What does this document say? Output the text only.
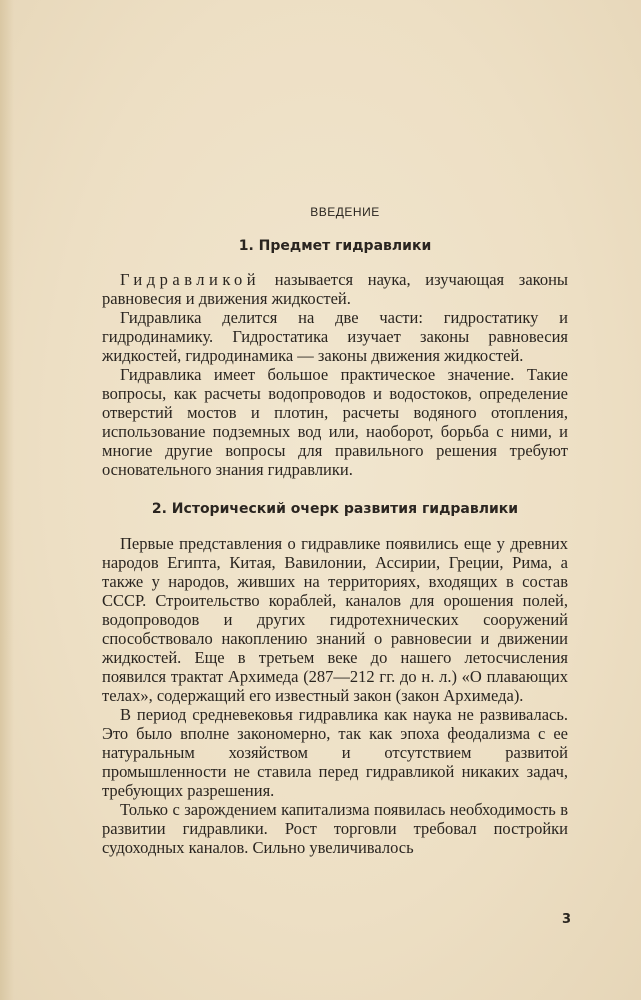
ВВЕДЕНИЕ
1. Предмет гидравлики

Гидравликой называется наука, изучающая законы равновесия и движения жидкостей.

Гидравлика делится на две части: гидростатику и гидродинамику. Гидростатика изучает законы равновесия жидкостей, гидродинамика — законы движения жидкостей.

Гидравлика имеет большое практическое значение. Такие вопросы, как расчеты водопроводов и водостоков, определение отверстий мостов и плотин, расчеты водяного отопления, использование подземных вод или, наоборот, борьба с ними, и многие другие вопросы для правильного решения требуют основательного знания гидравлики.

2. Исторический очерк развития гидравлики

Первые представления о гидравлике появились еще у древних народов Египта, Китая, Вавилонии, Ассирии, Греции, Рима, а также у народов, живших на территориях, входящих в состав СССР. Строительство кораблей, каналов для орошения полей, водопроводов и других гидротехнических сооружений способствовало накоплению знаний о равновесии и движении жидкостей. Еще в третьем веке до нашего летосчисления появился трактат Архимеда (287—212 гг. до н. л.) «О плавающих телах», содержащий его известный закон (закон Архимеда).

В период средневековья гидравлика как наука не развивалась. Это было вполне закономерно, так как эпоха феодализма с ее натуральным хозяйством и отсутствием развитой промышленности не ставила перед гидравликой никаких задач, требующих разрешения.

Только с зарождением капитализма появилась необходимость в развитии гидравлики. Рост торговли требовал постройки судоходных каналов. Сильно увеличивалось

3
